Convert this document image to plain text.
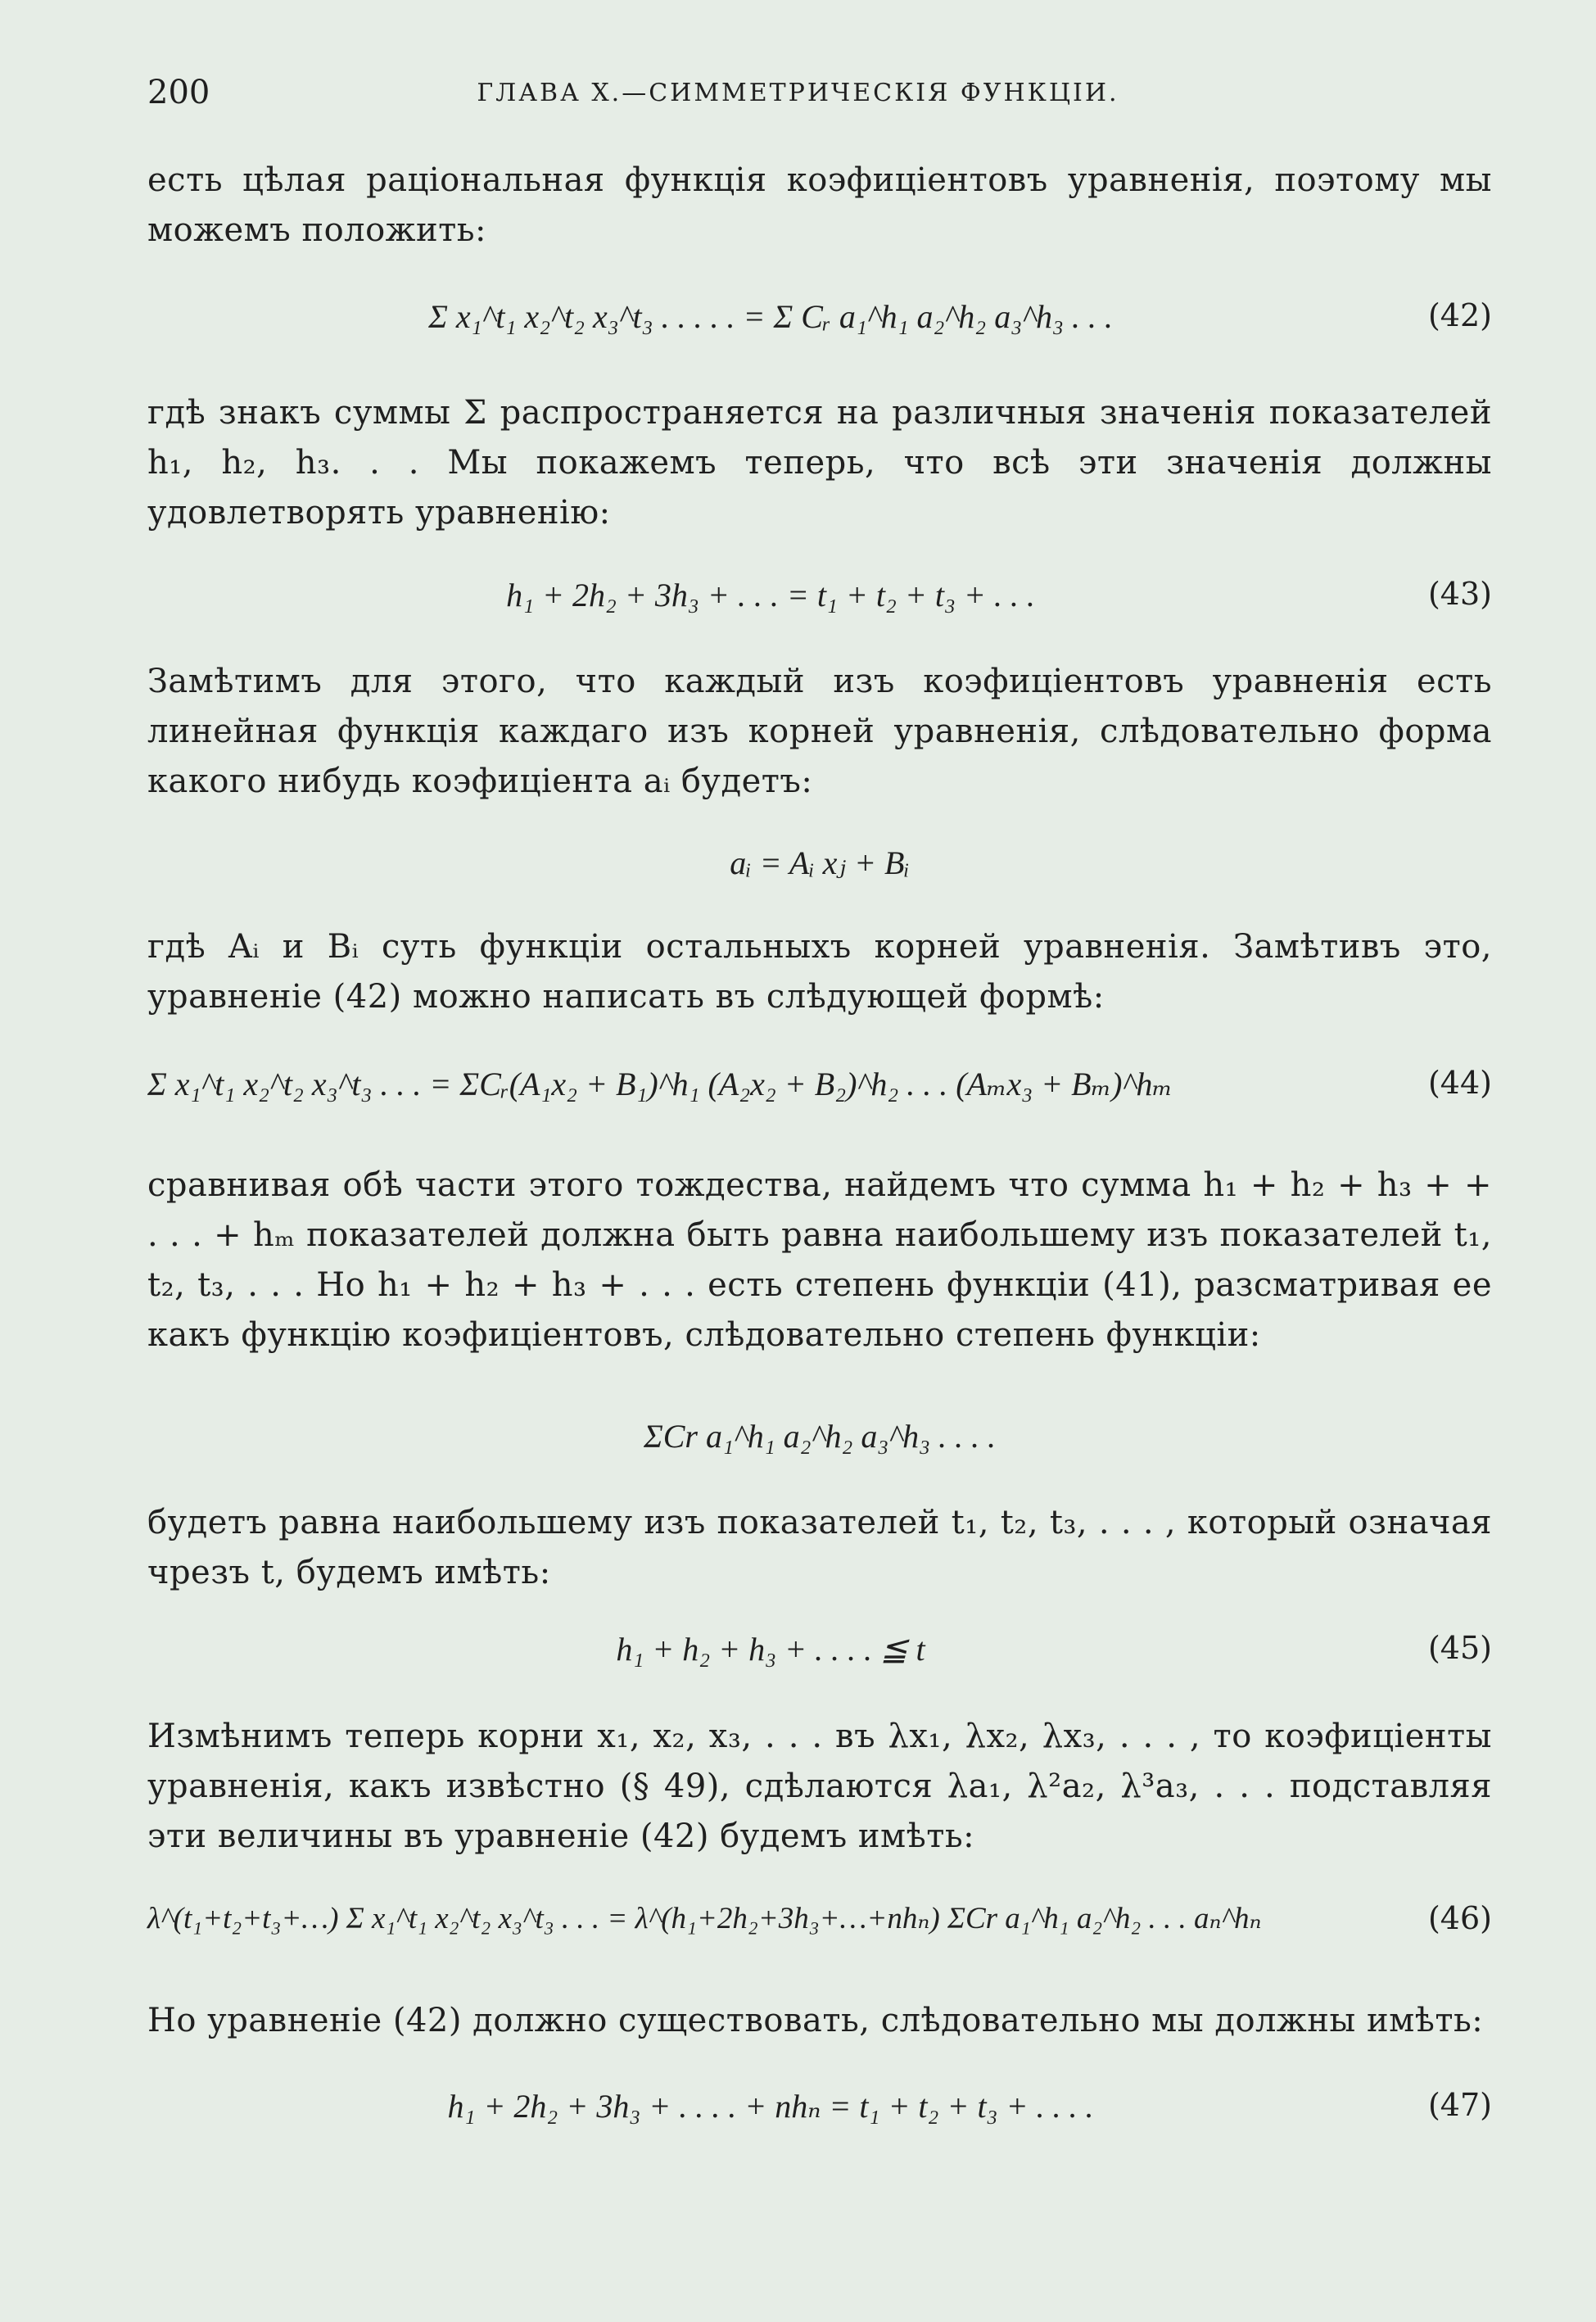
200	ГЛАВА X.—СИММЕТРИЧЕСКІЯ ФУНКЦІИ.
есть цѣлая раціональная функція коэфиціентовъ уравненія, поэтому мы можемъ положить:
Σ x₁^t₁ x₂^t₂ x₃^t₃ . . . . . = Σ Cᵣ a₁^h₁ a₂^h₂ a₃^h₃ . . .	(42)
гдѣ знакъ суммы Σ распространяется на различныя значенія показателей h₁, h₂, h₃. . . Мы покажемъ теперь, что всѣ эти значенія должны удовлетворять уравненію:
h₁ + 2h₂ + 3h₃ + . . . = t₁ + t₂ + t₃ + . . .	(43)
Замѣтимъ для этого, что каждый изъ коэфиціентовъ уравненія есть линейная функція каждаго изъ корней уравненія, слѣдовательно форма какого нибудь коэфиціента aᵢ будетъ:
aᵢ = Aᵢ xⱼ + Bᵢ
гдѣ Aᵢ и Bᵢ суть функціи остальныхъ корней уравненія. Замѣтивъ это, уравненіе (42) можно написать въ слѣдующей формѣ:
Σ x₁^t₁ x₂^t₂ x₃^t₃ . . . = ΣCᵣ(A₁x₂ + B₁)^h₁ (A₂x₂ + B₂)^h₂ . . . (Aₘx₃ + Bₘ)^hₘ	(44)
сравнивая обѣ части этого тождества, найдемъ что сумма h₁ + h₂ + h₃ + + . . . + hₘ показателей должна быть равна наибольшему изъ показателей t₁, t₂, t₃, . . . Но h₁ + h₂ + h₃ + . . . есть степень функціи (41), разсматривая ее какъ функцію коэфиціентовъ, слѣдовательно степень функціи:
ΣCr a₁^h₁ a₂^h₂ a₃^h₃ . . . .
будетъ равна наибольшему изъ показателей t₁, t₂, t₃, . . . , который означая чрезъ t, будемъ имѣть:
h₁ + h₂ + h₃ + . . . . ≦ t	(45)
Измѣнимъ теперь корни x₁, x₂, x₃, . . . въ λx₁, λx₂, λx₃, . . . , то коэфиціенты уравненія, какъ извѣстно (§ 49), сдѣлаются λa₁, λ²a₂, λ³a₃, . . . подставляя эти величины въ уравненіе (42) будемъ имѣть:
λ^(t₁+t₂+t₃+…) Σ x₁^t₁ x₂^t₂ x₃^t₃ . . . = λ^(h₁+2h₂+3h₃+…+nhₙ) ΣCr a₁^h₁ a₂^h₂ . . . aₙ^hₙ	(46)
Но уравненіе (42) должно существовать, слѣдовательно мы должны имѣть:
h₁ + 2h₂ + 3h₃ + . . . . + nhₙ = t₁ + t₂ + t₃ + . . . .	(47)
